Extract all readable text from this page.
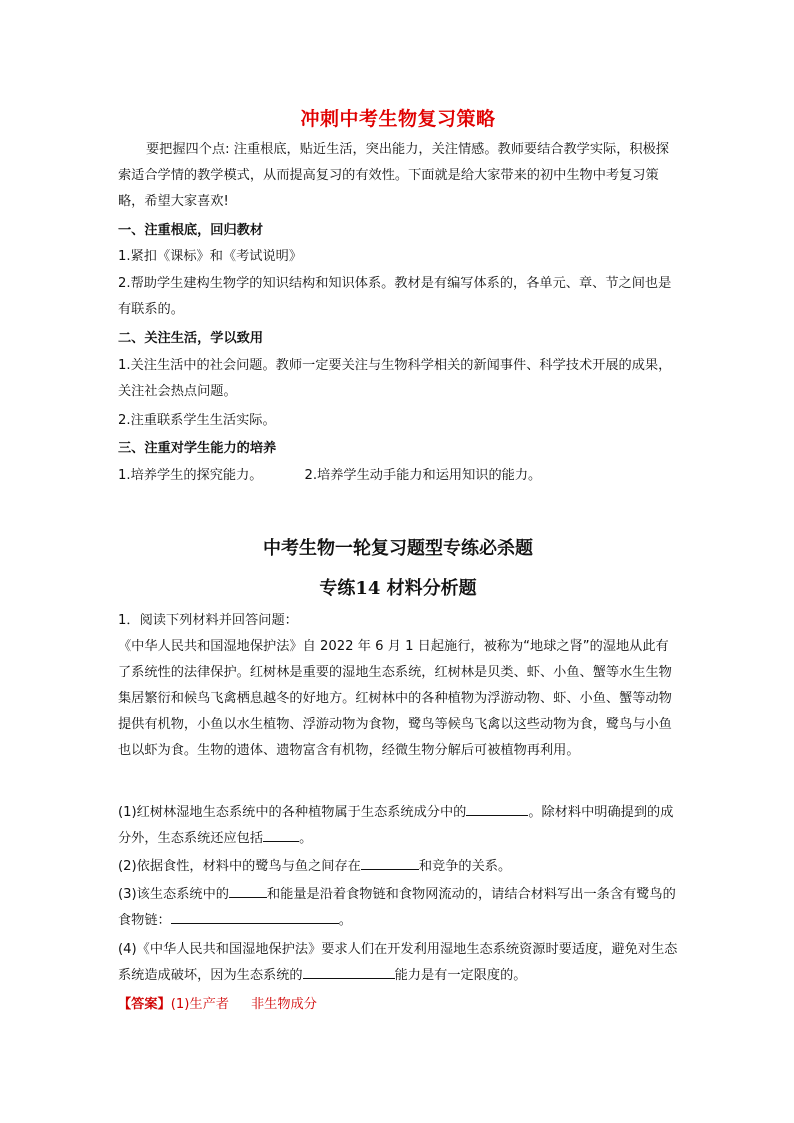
冲刺中考生物复习策略

要把握四个点: 注重根底，贴近生活，突出能力，关注情感。教师要结合教学实际，积极探索适合学情的教学模式，从而提高复习的有效性。下面就是给大家带来的初中生物中考复习策略，希望大家喜欢!

一、注重根底，回归教材

1.紧扣《课标》和《考试说明》

2.帮助学生建构生物学的知识结构和知识体系。教材是有编写体系的，各单元、章、节之间也是有联系的。

二、关注生活，学以致用

1.关注生活中的社会问题。教师一定要关注与生物科学相关的新闻事件、科学技术开展的成果，关注社会热点问题。

2.注重联系学生生活实际。

三、注重对学生能力的培养

1.培养学生的探究能力。	2.培养学生动手能力和运用知识的能力。

中考生物一轮复习题型专练必杀题
专练14 材料分析题

1．阅读下列材料并回答问题：

《中华人民共和国湿地保护法》自 2022 年 6 月 1 日起施行，被称为“地球之肾”的湿地从此有了系统性的法律保护。红树林是重要的湿地生态系统，红树林是贝类、虾、小鱼、蟹等水生生物集居繁衍和候鸟飞禽栖息越冬的好地方。红树林中的各种植物为浮游动物、虾、小鱼、蟹等动物提供有机物，小鱼以水生植物、浮游动物为食物，鹭鸟等候鸟飞禽以这些动物为食，鹭鸟与小鱼也以虾为食。生物的遗体、遗物富含有机物，经微生物分解后可被植物再利用。

(1)红树林湿地生态系统中的各种植物属于生态系统成分中的	。除材料中明确提到的成分外，生态系统还应包括	。

(2)依据食性，材料中的鹭鸟与鱼之间存在	和竞争的关系。

(3)该生态系统中的	和能量是沿着食物链和食物网流动的，请结合材料写出一条含有鹭鸟的食物链：	。

(4)《中华人民共和国湿地保护法》要求人们在开发利用湿地生态系统资源时要适度，避免对生态系统造成破坏，因为生态系统的	能力是有一定限度的。

【答案】(1)生产者 非生物成分
